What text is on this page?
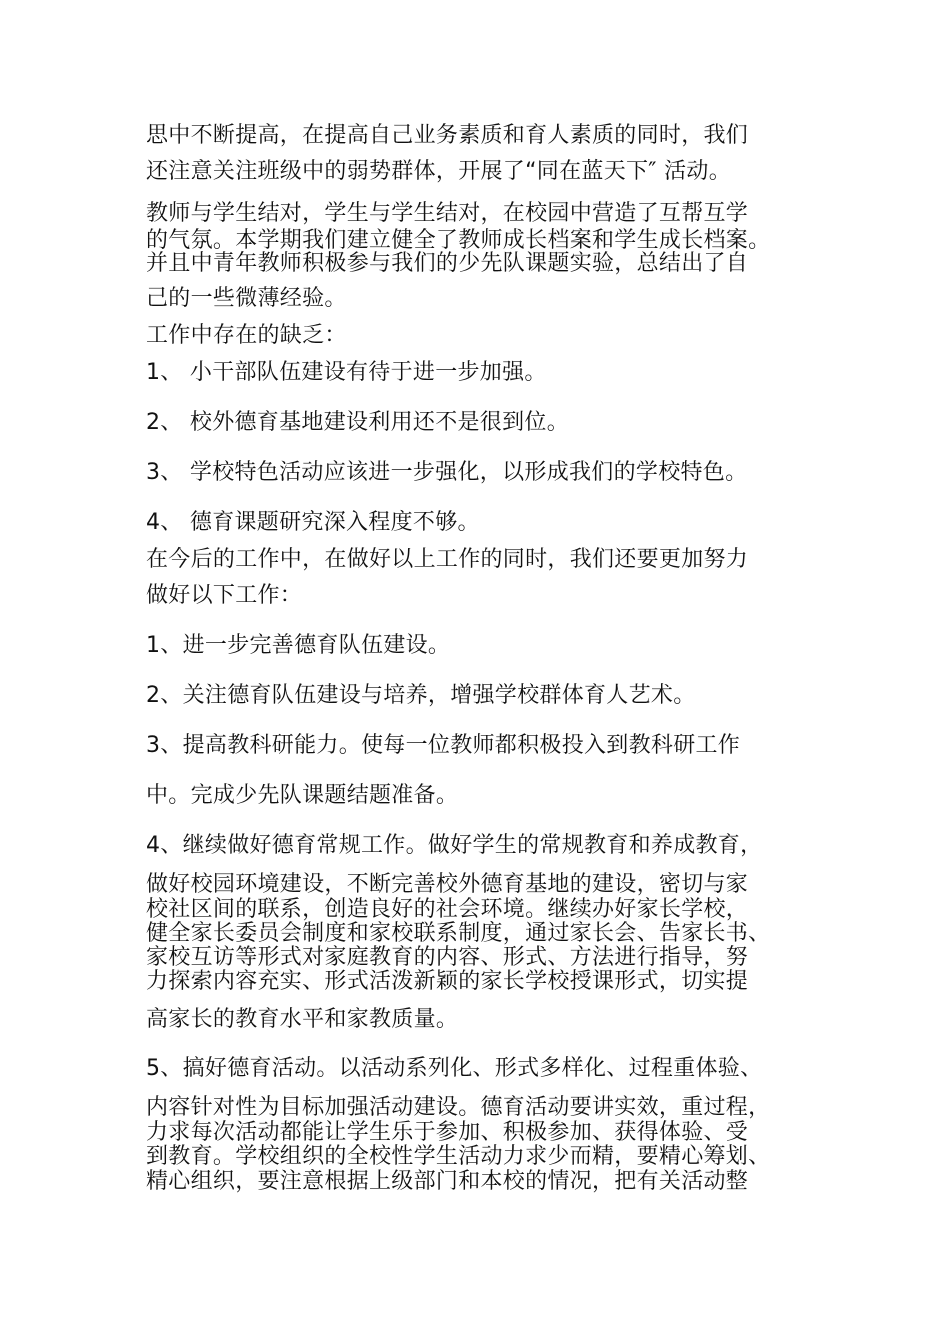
思中不断提高，在提高自己业务素质和育人素质的同时，我们
还注意关注班级中的弱势群体，开展了“同在蓝天下″ 活动。
教师与学生结对，学生与学生结对，在校园中营造了互帮互学
的气氛。本学期我们建立健全了教师成长档案和学生成长档案。
并且中青年教师积极参与我们的少先队课题实验，总结出了自
己的一些微薄经验。
工作中存在的缺乏：
1、 小干部队伍建设有待于进一步加强。
2、 校外德育基地建设利用还不是很到位。
3、 学校特色活动应该进一步强化，以形成我们的学校特色。
4、 德育课题研究深入程度不够。
在今后的工作中，在做好以上工作的同时，我们还要更加努力
做好以下工作：
1、进一步完善德育队伍建设。
2、关注德育队伍建设与培养，增强学校群体育人艺术。
3、提高教科研能力。使每一位教师都积极投入到教科研工作
中。完成少先队课题结题准备。
4、继续做好德育常规工作。做好学生的常规教育和养成教育，
做好校园环境建设，不断完善校外德育基地的建设，密切与家
校社区间的联系，创造良好的社会环境。继续办好家长学校，
健全家长委员会制度和家校联系制度，通过家长会、告家长书、
家校互访等形式对家庭教育的内容、形式、方法进行指导，努
力探索内容充实、形式活泼新颖的家长学校授课形式，切实提
高家长的教育水平和家教质量。
5、搞好德育活动。以活动系列化、形式多样化、过程重体验、
内容针对性为目标加强活动建设。德育活动要讲实效，重过程，
力求每次活动都能让学生乐于参加、积极参加、获得体验、受
到教育。学校组织的全校性学生活动力求少而精，要精心筹划、
精心组织，要注意根据上级部门和本校的情况，把有关活动整
